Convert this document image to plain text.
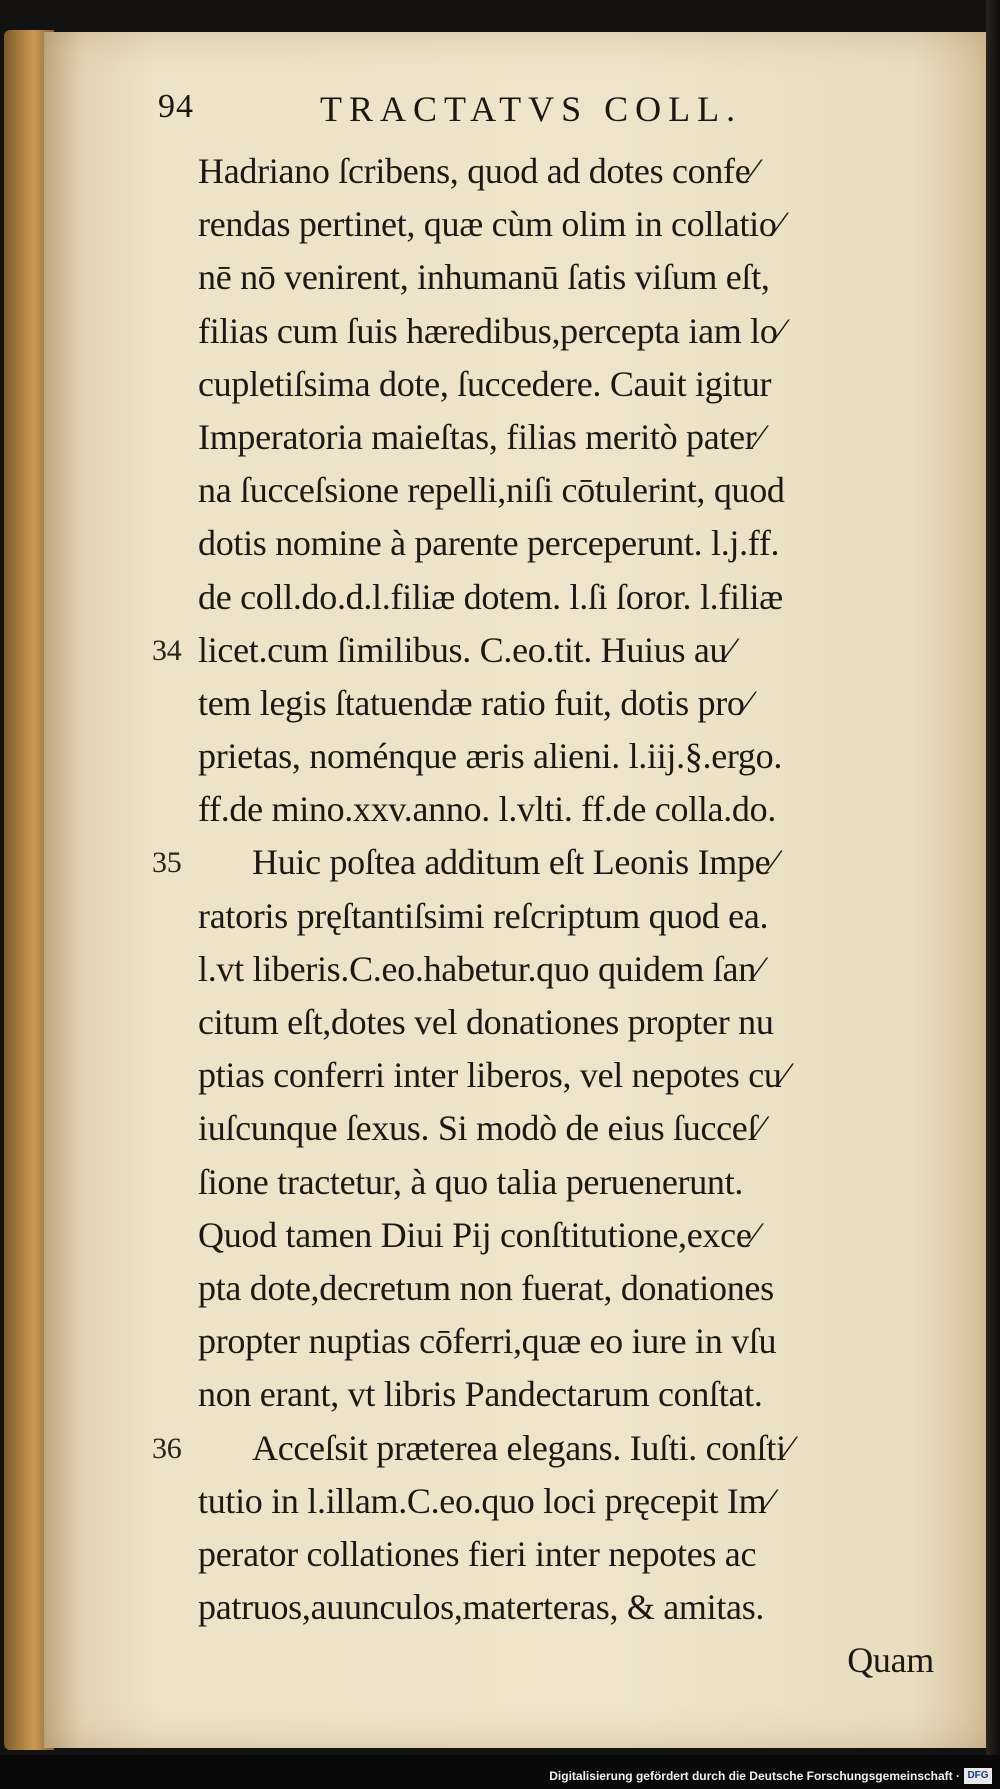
94	TRACTATVS COLL.
Hadriano ſcribens, quod ad dotes confe⁄
rendas pertinet, quæ cùm olim in collatio⁄
nē nō venirent, inhumanū ſatis viſum eſt,
filias cum ſuis hæredibus,percepta iam lo⁄
cupletiſsima dote, ſuccedere. Cauit igitur
Imperatoria maieſtas, filias meritò pater⁄
na ſucceſsione repelli,niſi cōtulerint, quod
dotis nomine à parente perceperunt. l.j.ff.
de coll.do.d.l.filiæ dotem. l.ſi ſoror. l.filiæ
34 licet.cum ſimilibus. C.eo.tit. Huius au⁄
tem legis ſtatuendæ ratio fuit, dotis pro⁄
prietas, noménque æris alieni. l.iij.§.ergo.
ff.de mino.xxv.anno. l.vlti. ff.de colla.do.
35 Huic poſtea additum eſt Leonis Impe⁄
ratoris pręſtantiſsimi reſcriptum quod ea.
l.vt liberis.C.eo.habetur.quo quidem ſan⁄
citum eſt,dotes vel donationes propter nu
ptias conferri inter liberos, vel nepotes cu⁄
iuſcunque ſexus. Si modò de eius ſucceſ⁄
ſione tractetur, à quo talia peruenerunt.
Quod tamen Diui Pij conſtitutione,exce⁄
pta dote,decretum non fuerat, donationes
propter nuptias cōferri,quæ eo iure in vſu
non erant, vt libris Pandectarum conſtat.
36 Acceſsit præterea elegans. Iuſti. conſti⁄
tutio in l.illam.C.eo.quo loci pręcepit Im⁄
perator collationes fieri inter nepotes ac
patruos,auunculos,materteras, & amitas.
Quam
Digitalisierung gefördert durch die Deutsche Forschungsgemeinschaft · DFG
